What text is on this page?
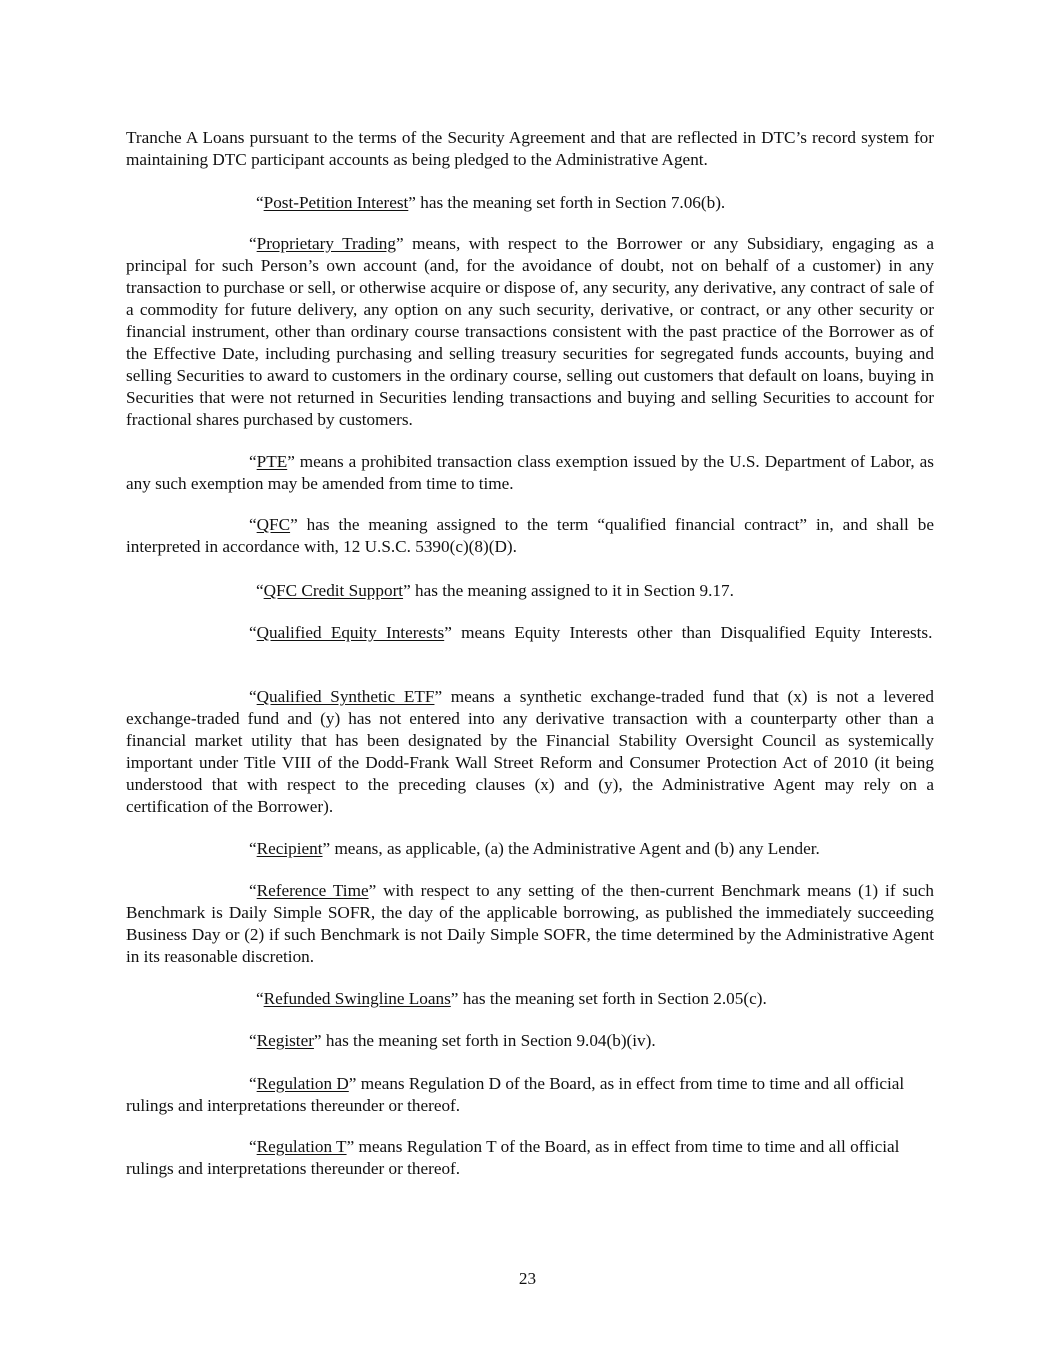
Tranche A Loans pursuant to the terms of the Security Agreement and that are reflected in DTC’s record system for maintaining DTC participant accounts as being pledged to the Administrative Agent.

“Post-Petition Interest” has the meaning set forth in Section 7.06(b).

“Proprietary Trading” means, with respect to the Borrower or any Subsidiary, engaging as a principal for such Person’s own account (and, for the avoidance of doubt, not on behalf of a customer) in any transaction to purchase or sell, or otherwise acquire or dispose of, any security, any derivative, any contract of sale of a commodity for future delivery, any option on any such security, derivative, or contract, or any other security or financial instrument, other than ordinary course transactions consistent with the past practice of the Borrower as of the Effective Date, including purchasing and selling treasury securities for segregated funds accounts, buying and selling Securities to award to customers in the ordinary course, selling out customers that default on loans, buying in Securities that were not returned in Securities lending transactions and buying and selling Securities to account for fractional shares purchased by customers.

“PTE” means a prohibited transaction class exemption issued by the U.S. Department of Labor, as any such exemption may be amended from time to time.

“QFC” has the meaning assigned to the term “qualified financial contract” in, and shall be interpreted in accordance with, 12 U.S.C. 5390(c)(8)(D).

“QFC Credit Support” has the meaning assigned to it in Section 9.17.

“Qualified Equity Interests” means Equity Interests other than Disqualified Equity Interests.

“Qualified Synthetic ETF” means a synthetic exchange-traded fund that (x) is not a levered exchange-traded fund and (y) has not entered into any derivative transaction with a counterparty other than a financial market utility that has been designated by the Financial Stability Oversight Council as systemically important under Title VIII of the Dodd-Frank Wall Street Reform and Consumer Protection Act of 2010 (it being understood that with respect to the preceding clauses (x) and (y), the Administrative Agent may rely on a certification of the Borrower).

“Recipient” means, as applicable, (a) the Administrative Agent and (b) any Lender.

“Reference Time” with respect to any setting of the then-current Benchmark means (1) if such Benchmark is Daily Simple SOFR, the day of the applicable borrowing, as published the immediately succeeding Business Day or (2) if such Benchmark is not Daily Simple SOFR, the time determined by the Administrative Agent in its reasonable discretion.

“Refunded Swingline Loans” has the meaning set forth in Section 2.05(c).

“Register” has the meaning set forth in Section 9.04(b)(iv).

“Regulation D” means Regulation D of the Board, as in effect from time to time and all official rulings and interpretations thereunder or thereof.

“Regulation T” means Regulation T of the Board, as in effect from time to time and all official rulings and interpretations thereunder or thereof.

23
